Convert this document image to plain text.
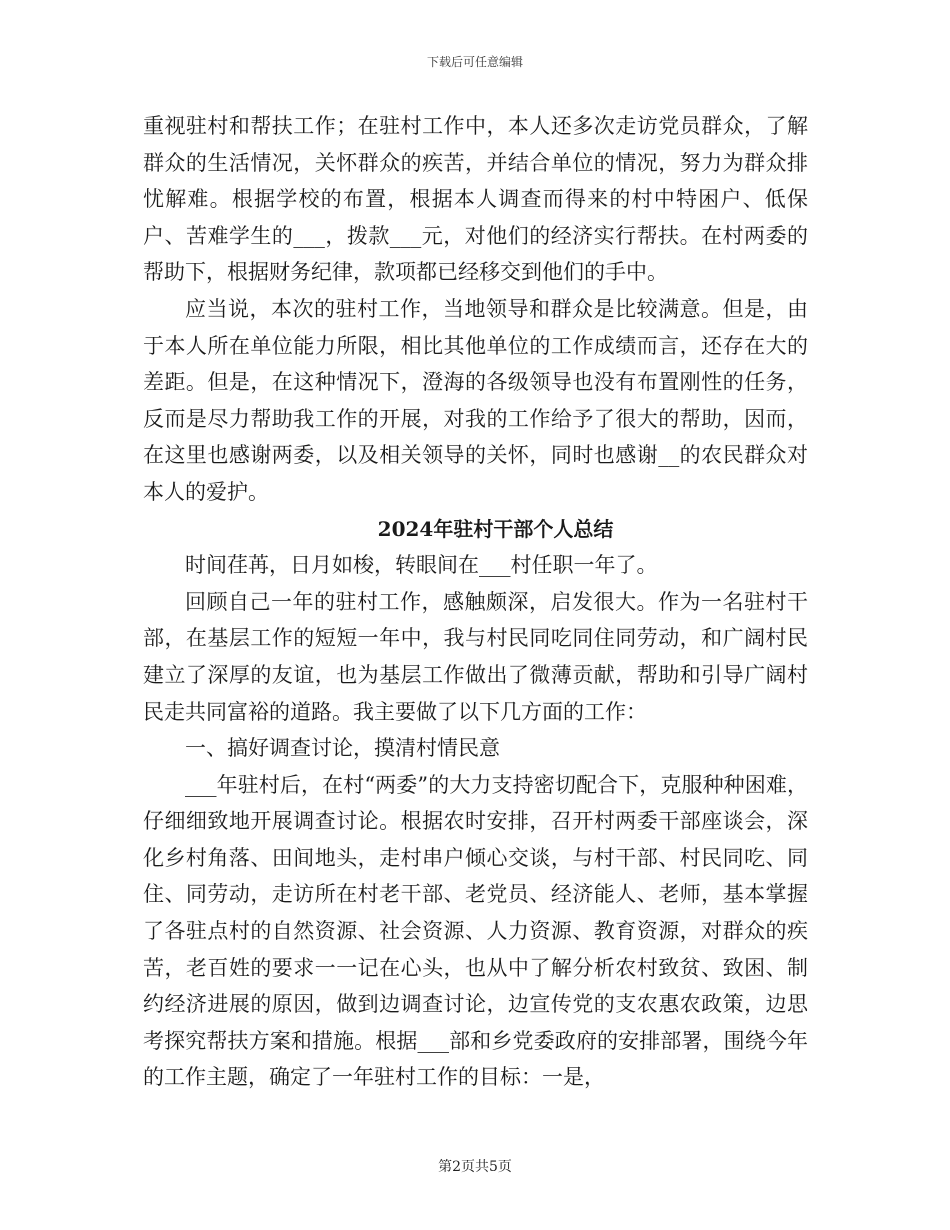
下载后可任意编辑

重视驻村和帮扶工作；在驻村工作中，本人还多次走访党员群众，了解群众的生活情况，关怀群众的疾苦，并结合单位的情况，努力为群众排忧解难。根据学校的布置，根据本人调查而得来的村中特困户、低保户、苦难学生的___，拨款___元，对他们的经济实行帮扶。在村两委的帮助下，根据财务纪律，款项都已经移交到他们的手中。

应当说，本次的驻村工作，当地领导和群众是比较满意。但是，由于本人所在单位能力所限，相比其他单位的工作成绩而言，还存在大的差距。但是，在这种情况下，澄海的各级领导也没有布置刚性的任务，反而是尽力帮助我工作的开展，对我的工作给予了很大的帮助，因而，在这里也感谢两委，以及相关领导的关怀，同时也感谢__的农民群众对本人的爱护。

2024年驻村干部个人总结

时间荏苒，日月如梭，转眼间在___村任职一年了。

回顾自己一年的驻村工作，感触颇深，启发很大。作为一名驻村干部，在基层工作的短短一年中，我与村民同吃同住同劳动，和广阔村民建立了深厚的友谊，也为基层工作做出了微薄贡献，帮助和引导广阔村民走共同富裕的道路。我主要做了以下几方面的工作：

一、搞好调查讨论，摸清村情民意

___年驻村后，在村“两委”的大力支持密切配合下，克服种种困难，仔细细致地开展调查讨论。根据农时安排，召开村两委干部座谈会，深化乡村角落、田间地头，走村串户倾心交谈，与村干部、村民同吃、同住、同劳动，走访所在村老干部、老党员、经济能人、老师，基本掌握了各驻点村的自然资源、社会资源、人力资源、教育资源，对群众的疾苦，老百姓的要求一一记在心头，也从中了解分析农村致贫、致困、制约经济进展的原因，做到边调查讨论，边宣传党的支农惠农政策，边思考探究帮扶方案和措施。根据___部和乡党委政府的安排部署，围绕今年的工作主题，确定了一年驻村工作的目标：一是，

第2页共5页
